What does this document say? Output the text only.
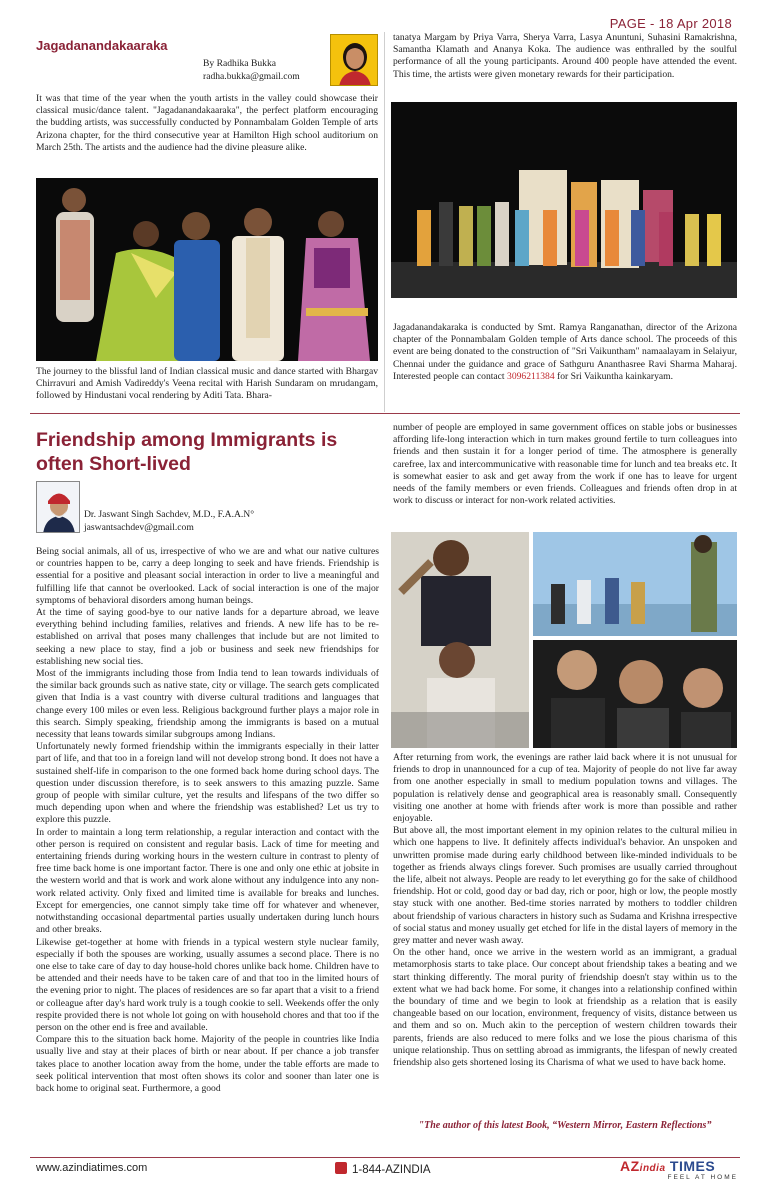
PAGE - 18 Apr 2018
Jagadanandakaaraka
By Radhika Bukka
radha.bukka@gmail.com
It was that time of the year when the youth artists in the valley could showcase their classical music/dance talent. "Jagadanandakaaraka", the perfect platform encouraging the budding artists, was successfully conducted by Ponnambalam Golden Temple of arts Arizona chapter, for the third consecutive year at Hamilton High school auditorium on March 25th. The artists and the audience had the divine pleasure alike.
The journey to the blissful land of Indian classical music and dance started with Bhargav Chirravuri and Amish Vadireddy's Veena recital with Harish Sundaram on mrudangam, followed by Hindustani vocal rendering by Aditi Tata. Bhara-
tanatya Margam by Priya Varra, Sherya Varra, Lasya Anuntuni, Suhasini Ramakrishna, Samantha Klamath and Ananya Koka. The audience was enthralled by the soulful performance of all the young participants. Around 400 people have attended the event. This time, the artists were given monetary rewards for their participation.
Jagadanandakaraka is conducted by Smt. Ramya Ranganathan, director of the Arizona chapter of the Ponnambalam Golden temple of Arts dance school. The proceeds of this event are being donated to the construction of "Sri Vaikuntham" namaalayam in Selaiyur, Chennai under the guidance and grace of Sathguru Ananthasree Ravi Sharma Maharaj. Interested people can contact 3096211384 for Sri Vaikuntha kainkaryam.
Friendship among Immigrants is often Short-lived
Dr. Jaswant Singh Sachdev, M.D., F.A.A.N°
jaswantsachdev@gmail.com

Being social animals, all of us, irrespective of who we are and what our native cultures or countries happen to be, carry a deep longing to seek and have friends. Friendship is essential for a positive and pleasant social interaction in order to live a meaningful and fulfilling life that cannot be overlooked. Lack of social interaction is one of the major symptoms of behavioral disorders among human beings.

At the time of saying good-bye to our native lands for a departure abroad, we leave everything behind including families, relatives and friends. A new life has to be re-established on arrival that poses many challenges that include but are not limited to seeking a new place to stay, find a job or business and seek new friendships for establishing new social ties.

Most of the immigrants including those from India tend to lean towards individuals of the similar back grounds such as native state, city or village. The search gets complicated given that India is a vast country with diverse cultural traditions and languages that change every 100 miles or even less. Religious background further plays a major role in this search. Simply speaking, friendship among the immigrants is based on a mutual necessity that leans towards similar subgroups among Indians.

Unfortunately newly formed friendship within the immigrants especially in their latter part of life, and that too in a foreign land will not develop strong bond. It does not have a sustained shelf-life in comparison to the one formed back home during school days. The question under discussion therefore, is to seek answers to this amazing puzzle. Same group of people with similar culture, yet the results and lifespans of the two differ so much depending upon when and where the friendship was established? Let us try to explore this puzzle.

In order to maintain a long term relationship, a regular interaction and contact with the other person is required on consistent and regular basis. Lack of time for meeting and entertaining friends during working hours in the western culture in contrast to plenty of free time back home is one important factor. There is one and only one ethic at jobsite in the western world and that is work and work alone without any indulgence into any non-work related activity. Only fixed and limited time is available for breaks and lunches. Except for emergencies, one cannot simply take time off for whatever and whenever, notwithstanding occasional departmental parties usually undertaken during lunch hours and other breaks.

Likewise get-together at home with friends in a typical western style nuclear family, especially if both the spouses are working, usually assumes a second place. There is no one else to take care of day to day house-hold chores unlike back home. Children have to be attended and their needs have to be taken care of and that too in the limited hours of the evening prior to night. The places of residences are so far apart that a visit to a friend or colleague after day's hard work truly is a tough cookie to sell. Weekends offer the only respite provided there is not whole lot going on with household chores and that too if the person on the other end is free and available.

Compare this to the situation back home. Majority of the people in countries like India usually live and stay at their places of birth or near about. If per chance a job transfer takes place to another location away from the home, under the table efforts are made to seek political intervention that most often shows its color and sooner than later one is back home to original seat. Furthermore, a good

number of people are employed in same government offices on stable jobs or businesses affording life-long interaction which in turn makes ground fertile to turn colleagues into friends and then sustain it for a longer period of time. The atmosphere is generally carefree, lax and intercommunicative with reasonable time for lunch and tea breaks etc. It is somewhat easier to ask and get away from the work if one has to leave for urgent needs of the family members or even friends. Colleagues and friends often drop in at work to discuss or interact for non-work related activities.

After returning from work, the evenings are rather laid back where it is not unusual for friends to drop in unannounced for a cup of tea. Majority of people do not live far away from one another especially in small to medium population towns and villages. The population is relatively dense and geographical area is reasonably small. Consequently visiting one another at home with friends after work is more than possible and rather enjoyable.

But above all, the most important element in my opinion relates to the cultural milieu in which one happens to live. It definitely affects individual's behavior. An unspoken and unwritten promise made during early childhood between like-minded individuals to be together as friends always clings forever. Such promises are usually carried throughout the life, albeit not always. People are ready to let everything go for the sake of childhood friendship. Hot or cold, good day or bad day, rich or poor, high or low, the people mostly stay stuck with one another. Bed-time stories narrated by mothers to toddler children about friendship of various characters in history such as Sudama and Krishna irrespective of social status and money usually get etched for life in the distal layers of memory in the grey matter and never wash away.

On the other hand, once we arrive in the western world as an immigrant, a gradual metamorphosis starts to take place. Our concept about friendship takes a beating and we start thinking differently. The moral purity of friendship doesn't stay within us to the extent what we had back home. For some, it changes into a relationship confined within the boundary of time and we begin to look at friendship as a relation that is easily changeable based on our location, environment, frequency of visits, distance between us and them and so on. Much akin to the perception of western children towards their parents, friends are also reduced to mere folks and we lose the pious charisma of this unique relationship. Thus on settling abroad as immigrants, the lifespan of newly created friendship also gets shortened losing its Charisma of what we used to have back home.

"The author of this latest Book, “Western Mirror, Eastern Reflections”
www.azindiatimes.com	1-844-AZINDIA	AZindia TIMES
FEEL AT HOME
